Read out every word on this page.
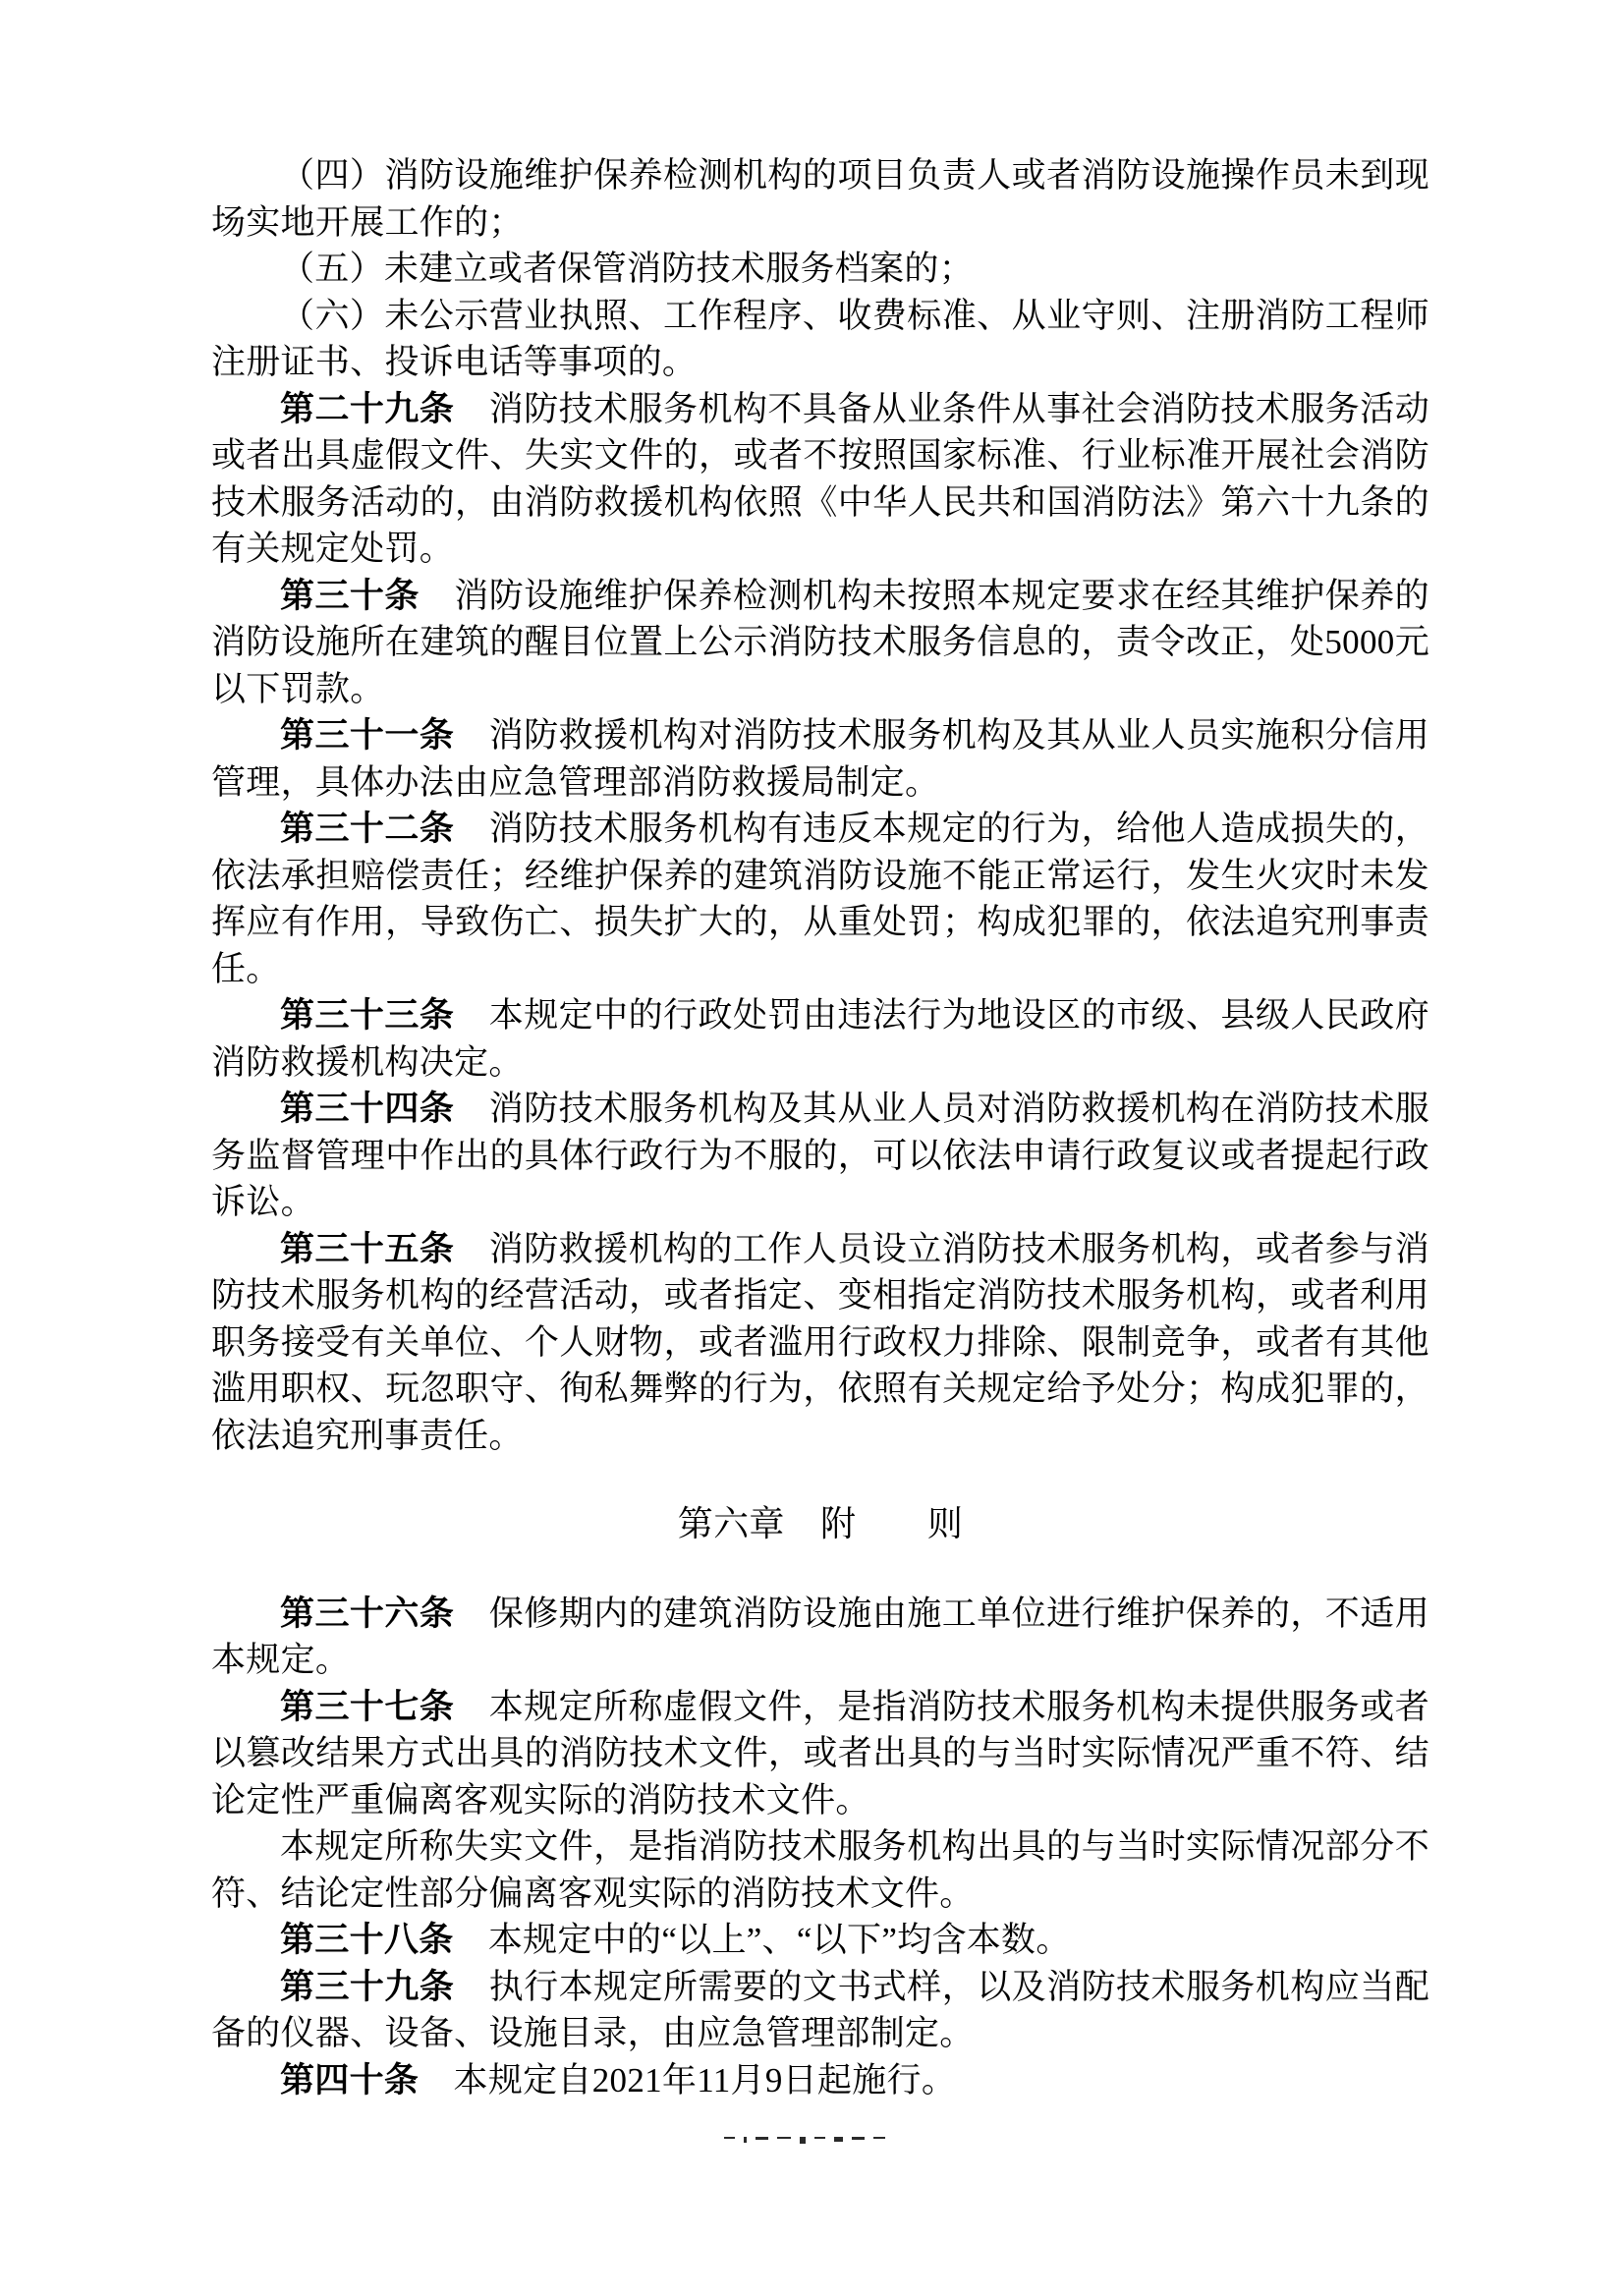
（四）消防设施维护保养检测机构的项目负责人或者消防设施操作员未到现场实地开展工作的；

（五）未建立或者保管消防技术服务档案的；

（六）未公示营业执照、工作程序、收费标准、从业守则、注册消防工程师注册证书、投诉电话等事项的。

第二十九条　消防技术服务机构不具备从业条件从事社会消防技术服务活动或者出具虚假文件、失实文件的，或者不按照国家标准、行业标准开展社会消防技术服务活动的，由消防救援机构依照《中华人民共和国消防法》第六十九条的有关规定处罚。

第三十条　消防设施维护保养检测机构未按照本规定要求在经其维护保养的消防设施所在建筑的醒目位置上公示消防技术服务信息的，责令改正，处5000元以下罚款。

第三十一条　消防救援机构对消防技术服务机构及其从业人员实施积分信用管理，具体办法由应急管理部消防救援局制定。

第三十二条　消防技术服务机构有违反本规定的行为，给他人造成损失的，依法承担赔偿责任；经维护保养的建筑消防设施不能正常运行，发生火灾时未发挥应有作用，导致伤亡、损失扩大的，从重处罚；构成犯罪的，依法追究刑事责任。

第三十三条　本规定中的行政处罚由违法行为地设区的市级、县级人民政府消防救援机构决定。

第三十四条　消防技术服务机构及其从业人员对消防救援机构在消防技术服务监督管理中作出的具体行政行为不服的，可以依法申请行政复议或者提起行政诉讼。

第三十五条　消防救援机构的工作人员设立消防技术服务机构，或者参与消防技术服务机构的经营活动，或者指定、变相指定消防技术服务机构，或者利用职务接受有关单位、个人财物，或者滥用行政权力排除、限制竞争，或者有其他滥用职权、玩忽职守、徇私舞弊的行为，依照有关规定给予处分；构成犯罪的，依法追究刑事责任。

第六章　附　　则

第三十六条　保修期内的建筑消防设施由施工单位进行维护保养的，不适用本规定。

第三十七条　本规定所称虚假文件，是指消防技术服务机构未提供服务或者以篡改结果方式出具的消防技术文件，或者出具的与当时实际情况严重不符、结论定性严重偏离客观实际的消防技术文件。

本规定所称失实文件，是指消防技术服务机构出具的与当时实际情况部分不符、结论定性部分偏离客观实际的消防技术文件。

第三十八条　本规定中的“以上”、“以下”均含本数。

第三十九条　执行本规定所需要的文书式样，以及消防技术服务机构应当配备的仪器、设备、设施目录，由应急管理部制定。

第四十条　本规定自2021年11月9日起施行。
